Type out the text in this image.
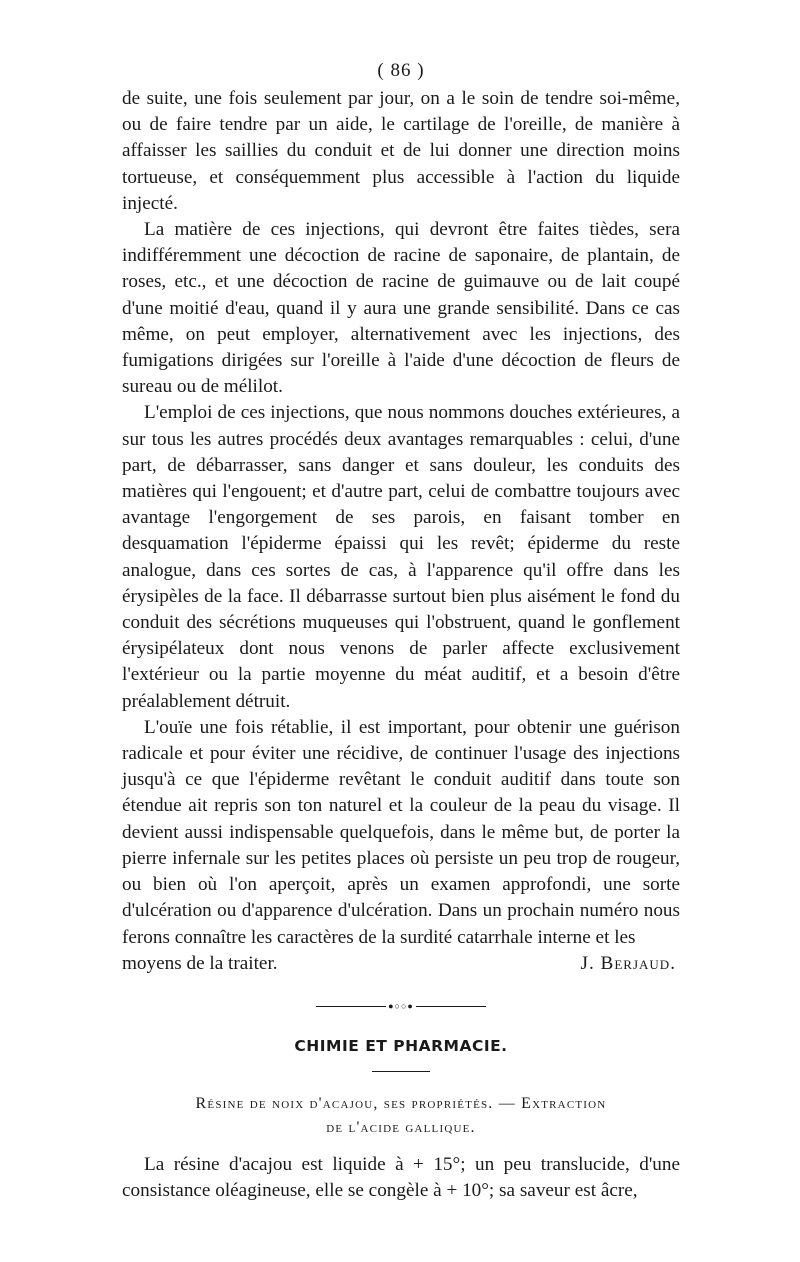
( 86 )

de suite, une fois seulement par jour, on a le soin de tendre soi-même, ou de faire tendre par un aide, le cartilage de l'oreille, de manière à affaisser les saillies du conduit et de lui donner une direction moins tortueuse, et conséquemment plus accessible à l'action du liquide injecté.

La matière de ces injections, qui devront être faites tièdes, sera indifféremment une décoction de racine de saponaire, de plantain, de roses, etc., et une décoction de racine de guimauve ou de lait coupé d'une moitié d'eau, quand il y aura une grande sensibilité. Dans ce cas même, on peut employer, alternativement avec les injections, des fumigations dirigées sur l'oreille à l'aide d'une décoction de fleurs de sureau ou de mélilot.

L'emploi de ces injections, que nous nommons douches extérieures, a sur tous les autres procédés deux avantages remarquables : celui, d'une part, de débarrasser, sans danger et sans douleur, les conduits des matières qui l'engouent; et d'autre part, celui de combattre toujours avec avantage l'engorgement de ses parois, en faisant tomber en desquamation l'épiderme épaissi qui les revêt; épiderme du reste analogue, dans ces sortes de cas, à l'apparence qu'il offre dans les érysipèles de la face. Il débarrasse surtout bien plus aisément le fond du conduit des sécrétions muqueuses qui l'obstruent, quand le gonflement érysipélateux dont nous venons de parler affecte exclusivement l'extérieur ou la partie moyenne du méat auditif, et a besoin d'être préalablement détruit.

L'ouïe une fois rétablie, il est important, pour obtenir une guérison radicale et pour éviter une récidive, de continuer l'usage des injections jusqu'à ce que l'épiderme revêtant le conduit auditif dans toute son étendue ait repris son ton naturel et la couleur de la peau du visage. Il devient aussi indispensable quelquefois, dans le même but, de porter la pierre infernale sur les petites places où persiste un peu trop de rougeur, ou bien où l'on aperçoit, après un examen approfondi, une sorte d'ulcération ou d'apparence d'ulcération. Dans un prochain numéro nous ferons connaître les caractères de la surdité catarrhale interne et les

moyens de la traiter.	J. Berjaud.
●○○●
CHIMIE ET PHARMACIE.
Résine de noix d'acajou, ses propriétés. — Extraction
de l'acide gallique.

La résine d'acajou est liquide à + 15°; un peu translucide, d'une consistance oléagineuse, elle se congèle à + 10°; sa saveur est âcre,
